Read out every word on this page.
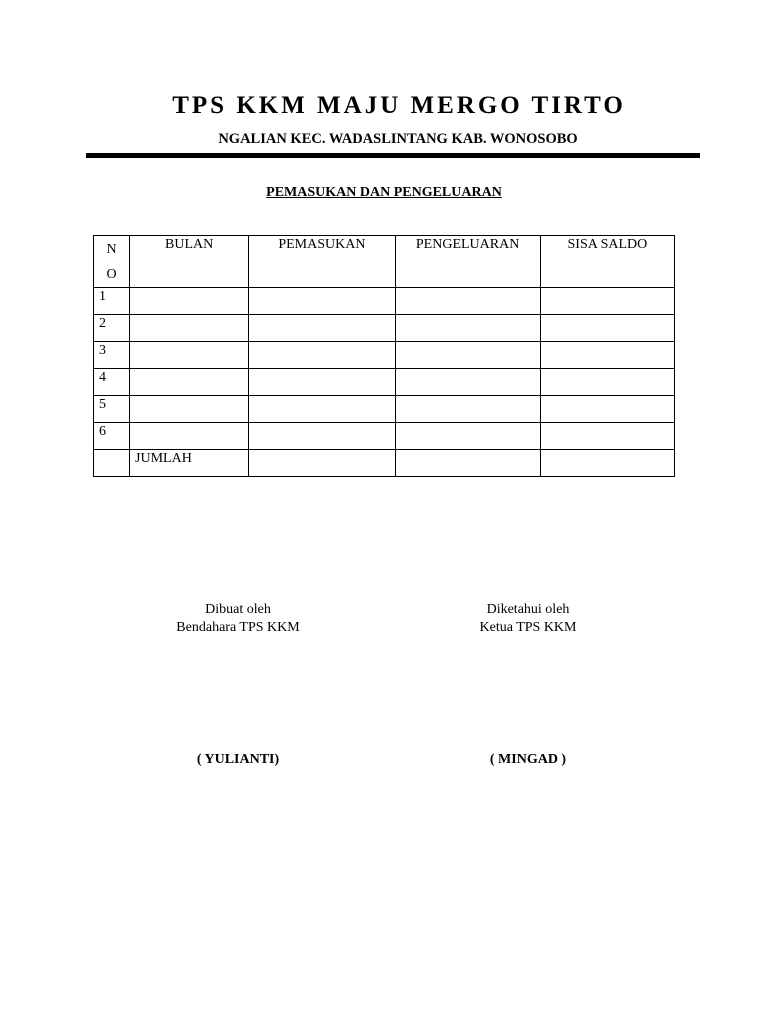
TPS KKM MAJU MERGO TIRTO
NGALIAN KEC. WADASLINTANG KAB. WONOSOBO
PEMASUKAN DAN PENGELUARAN
N
O	BULAN	PEMASUKAN	PENGELUARAN	SISA SALDO
1				
2				
3				
4				
5				
6				
	JUMLAH			
Dibuat oleh
Bendahara TPS KKM
Diketahui oleh
Ketua TPS KKM
( YULIANTI)	( MINGAD )
